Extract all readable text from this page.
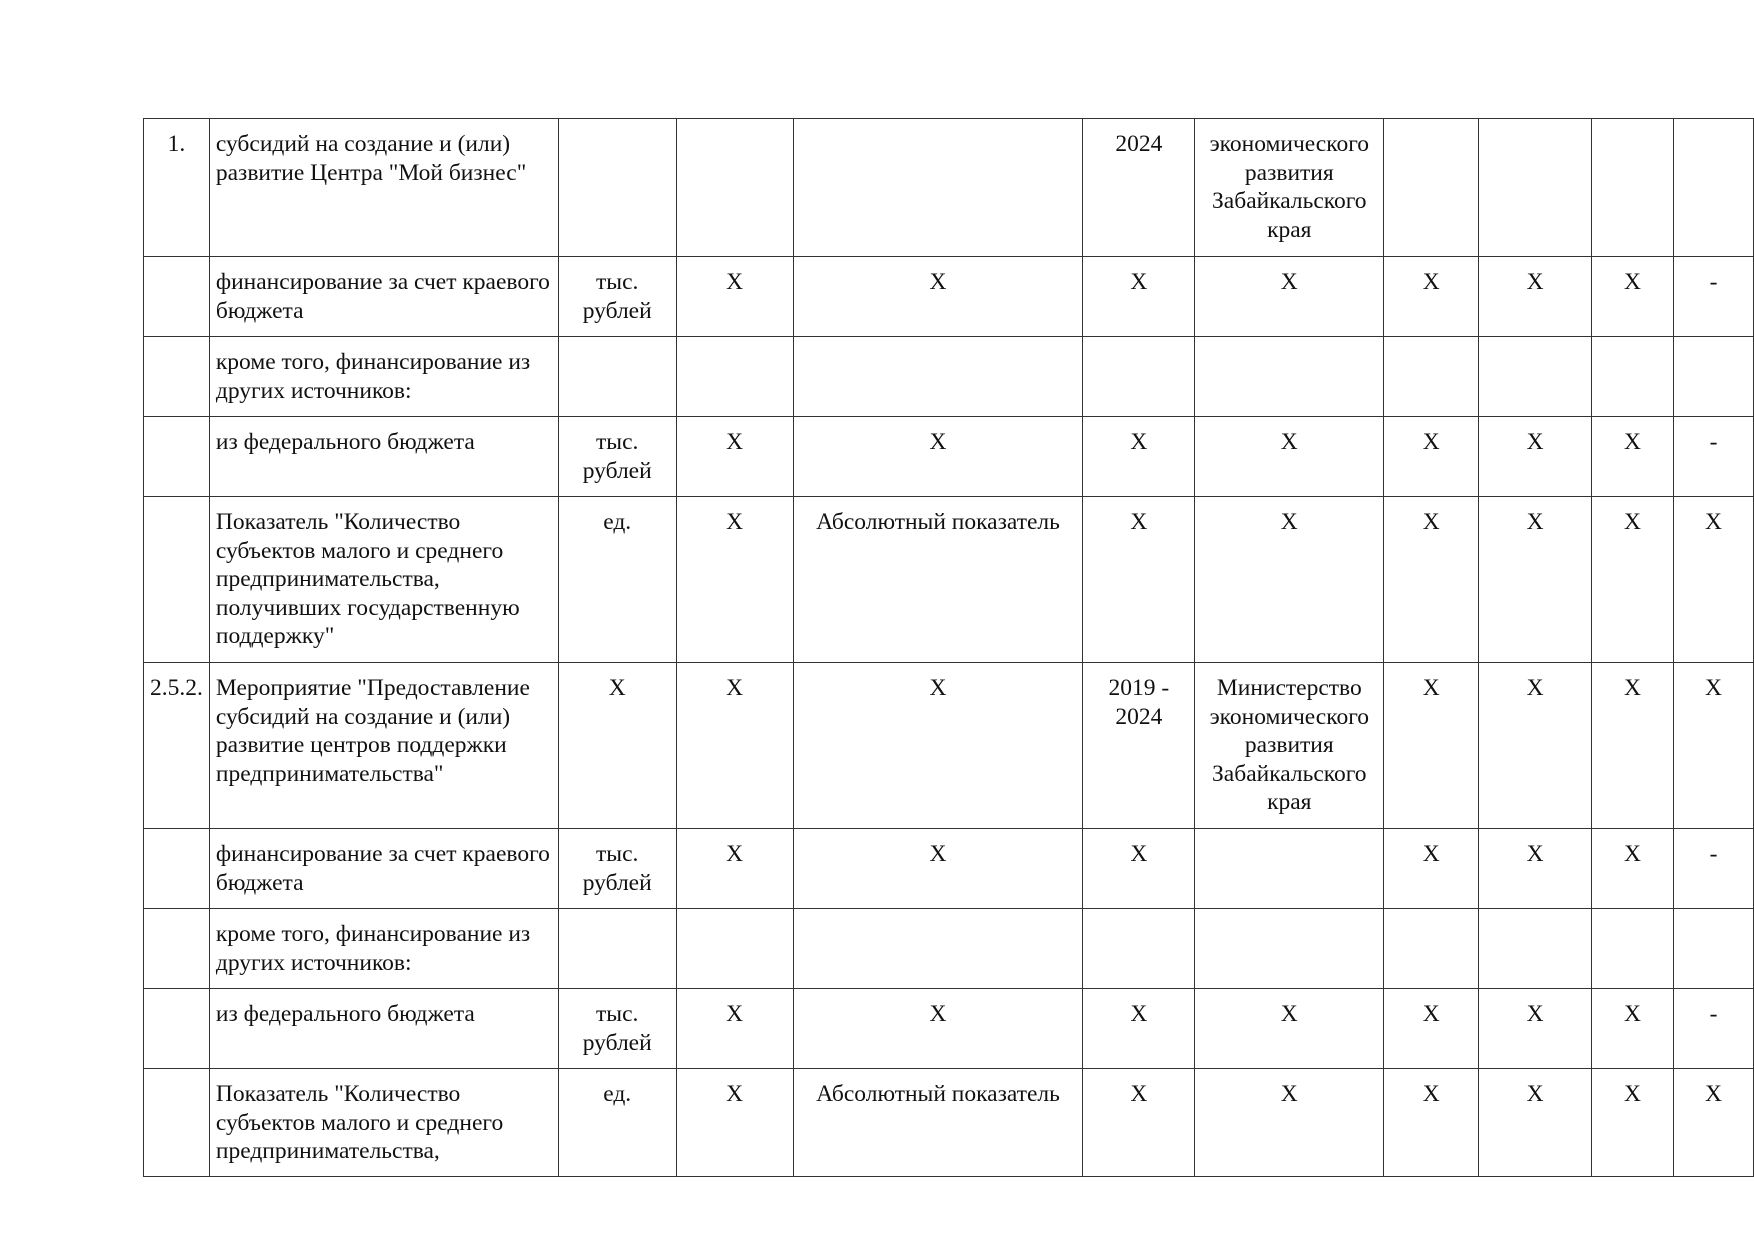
1.	субсидий на создание и (или) развитие Центра "Мой бизнес"				2024	экономического развития Забайкальского края				
	финансирование за счет краевого бюджета	тыс. рублей	X	X	X	X	X	X	X	-
	кроме того, финансирование из других источников:									
	из федерального бюджета	тыс. рублей	X	X	X	X	X	X	X	-
	Показатель "Количество субъектов малого и среднего предпринимательства, получивших государственную поддержку"	ед.	X	Абсолютный показатель	X	X	X	X	X	X
2.5.2.	Мероприятие "Предоставление субсидий на создание и (или) развитие центров поддержки предпринимательства"	X	X	X	2019 - 2024	Министерство экономического развития Забайкальского края	X	X	X	X
	финансирование за счет краевого бюджета	тыс. рублей	X	X	X		X	X	X	-
	кроме того, финансирование из других источников:									
	из федерального бюджета	тыс. рублей	X	X	X	X	X	X	X	-
	Показатель "Количество субъектов малого и среднего предпринимательства,	ед.	X	Абсолютный показатель	X	X	X	X	X	X
